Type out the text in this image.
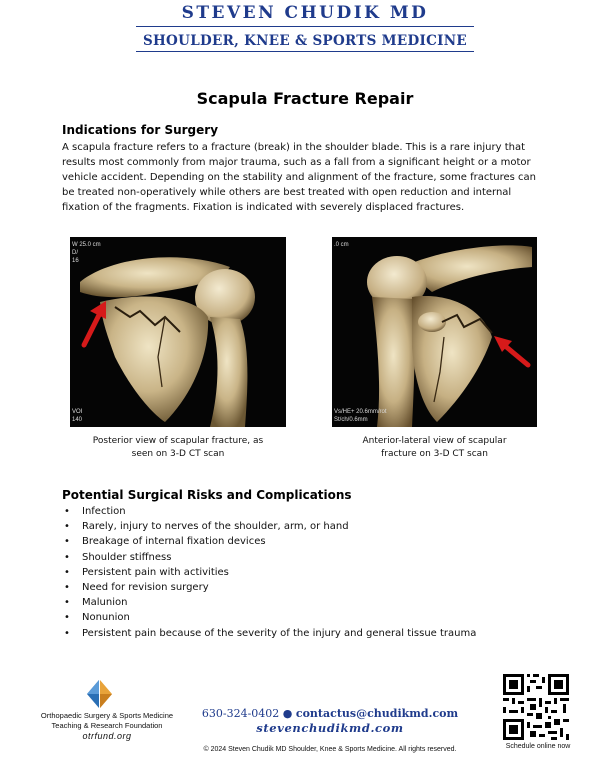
STEVEN CHUDIK MD
SHOULDER, KNEE & SPORTS MEDICINE
Scapula Fracture Repair
Indications for Surgery
A scapula fracture refers to a fracture (break) in the shoulder blade. This is a rare injury that results most commonly from major trauma, such as a fall from a significant height or a motor vehicle accident. Depending on the stability and alignment of the fracture, some fractures can be treated non-operatively while others are best treated with open reduction and internal fixation of the fragments. Fixation is indicated with severely displaced fractures.
W 25.0 cm
D/
16
VOI
140
Posterior view of scapular fracture, as
seen on 3-D CT scan
.0 cm
Vs/HE+ 20.6mm/rot
St/ch/0.6mm
Anterior-lateral view of scapular
fracture on 3-D CT scan
Potential Surgical Risks and Complications
• Infection
• Rarely, injury to nerves of the shoulder, arm, or hand
• Breakage of internal fixation devices
• Shoulder stiffness
• Persistent pain with activities
• Need for revision surgery
• Malunion
• Nonunion
• Persistent pain because of the severity of the injury and general tissue trauma
Orthopaedic Surgery & Sports Medicine
Teaching & Research Foundation
otrfund.org
630-324-0402 ● contactus@chudikmd.com
stevenchudikmd.com
© 2024 Steven Chudik MD Shoulder, Knee & Sports Medicine. All rights reserved.	Schedule online now
